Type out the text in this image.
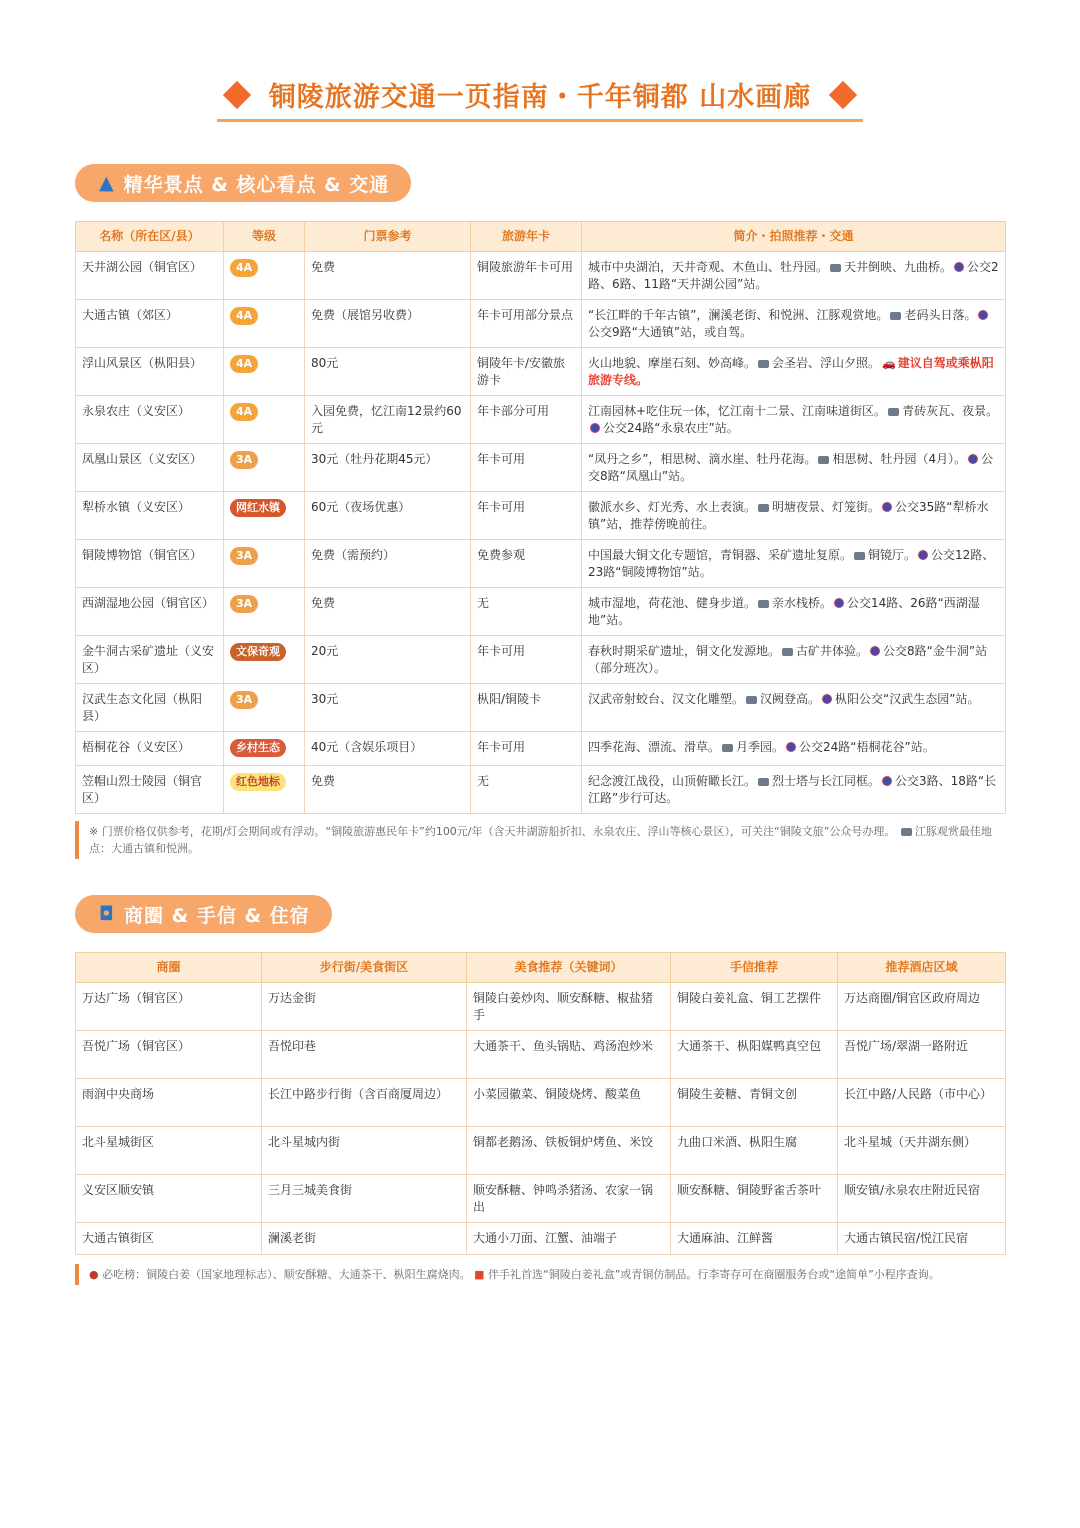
铜陵旅游交通一页指南・千年铜都 山水画廊
▲ 精华景点 & 核心看点 & 交通
名称（所在区/县）	等级	门票参考	旅游年卡	简介・拍照推荐・交通
天井湖公园（铜官区）	4A	免费	铜陵旅游年卡可用	城市中央湖泊，天井奇观、木鱼山、牡丹园。 天井倒映、九曲桥。 公交2路、6路、11路“天井湖公园”站。
大通古镇（郊区）	4A	免费（展馆另收费）	年卡可用部分景点	“长江畔的千年古镇”，澜溪老街、和悦洲、江豚观赏地。 老码头日落。公交9路“大通镇”站，或自驾。
浮山风景区（枞阳县）	4A	80元	铜陵年卡/安徽旅游卡	火山地貌、摩崖石刻、妙高峰。 会圣岩、浮山夕照。 🚗 建议自驾或乘枞阳旅游专线。
永泉农庄（义安区）	4A	入园免费，忆江南12景约60元	年卡部分可用	江南园林+吃住玩一体，忆江南十二景、江南味道街区。 青砖灰瓦、夜景。公交24路“永泉农庄”站。
凤凰山景区（义安区）	3A	30元（牡丹花期45元）	年卡可用	“凤丹之乡”，相思树、滴水崖、牡丹花海。 相思树、牡丹园（4月）。 公交8路“凤凰山”站。
犁桥水镇（义安区）	网红水镇	60元（夜场优惠）	年卡可用	徽派水乡、灯光秀、水上表演。 明塘夜景、灯笼街。 公交35路“犁桥水镇”站，推荐傍晚前往。
铜陵博物馆（铜官区）	3A	免费（需预约）	免费参观	中国最大铜文化专题馆，青铜器、采矿遗址复原。 铜镜厅。 公交12路、23路“铜陵博物馆”站。
西湖湿地公园（铜官区）	3A	免费	无	城市湿地，荷花池、健身步道。 亲水栈桥。 公交14路、26路“西湖湿地”站。
金牛洞古采矿遗址（义安区）	文保奇观	20元	年卡可用	春秋时期采矿遗址，铜文化发源地。 古矿井体验。 公交8路“金牛洞”站（部分班次）。
汉武生态文化园（枞阳县）	3A	30元	枞阳/铜陵卡	汉武帝射蛟台、汉文化雕塑。 汉阙登高。 枞阳公交“汉武生态园”站。
梧桐花谷（义安区）	乡村生态	40元（含娱乐项目）	年卡可用	四季花海、漂流、滑草。 月季园。 公交24路“梧桐花谷”站。
笠帽山烈士陵园（铜官区）	红色地标	免费	无	纪念渡江战役，山顶俯瞰长江。 烈士塔与长江同框。 公交3路、18路“长江路”步行可达。
※ 门票价格仅供参考，花期/灯会期间或有浮动。“铜陵旅游惠民年卡”约100元/年（含天井湖游船折扣、永泉农庄、浮山等核心景区），可关注“铜陵文旅”公众号办理。 江豚观赏最佳地点：大通古镇和悦洲。
◘ 商圈 & 手信 & 住宿
商圈	步行街/美食街区	美食推荐（关键词）	手信推荐	推荐酒店区域
万达广场（铜官区）	万达金街	铜陵白姜炒肉、顺安酥糖、椒盐猪手	铜陵白姜礼盒、铜工艺摆件	万达商圈/铜官区政府周边
吾悦广场（铜官区）	吾悦印巷	大通茶干、鱼头锅贴、鸡汤泡炒米	大通茶干、枞阳媒鸭真空包	吾悦广场/翠湖一路附近
雨润中央商场	长江中路步行街（含百商厦周边）	小菜园徽菜、铜陵烧烤、酸菜鱼	铜陵生姜糖、青铜文创	长江中路/人民路（市中心）
北斗星城街区	北斗星城内街	铜都老鹅汤、铁板铜炉烤鱼、米饺	九曲口米酒、枞阳生腐	北斗星城（天井湖东侧）
义安区顺安镇	三月三城美食街	顺安酥糖、钟鸣杀猪汤、农家一锅出	顺安酥糖、铜陵野雀舌茶叶	顺安镇/永泉农庄附近民宿
大通古镇街区	澜溪老街	大通小刀面、江蟹、油端子	大通麻油、江鲜酱	大通古镇民宿/悦江民宿
● 必吃榜：铜陵白姜（国家地理标志）、顺安酥糖、大通茶干、枞阳生腐烧肉。 ■ 伴手礼首选“铜陵白姜礼盒”或青铜仿制品。行李寄存可在商圈服务台或“途简单”小程序查询。
